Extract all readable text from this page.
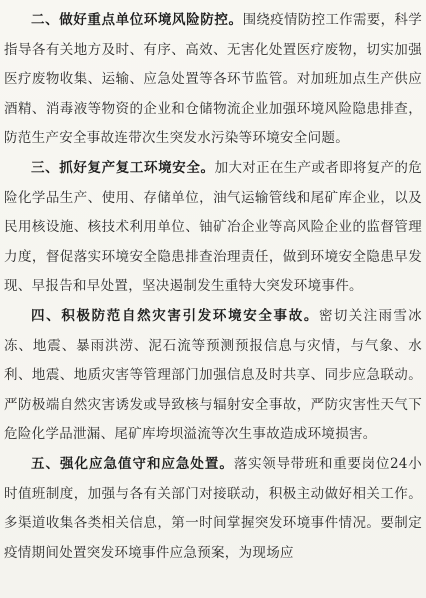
二、做好重点单位环境风险防控。围绕疫情防控工作需要，科学指导各有关地方及时、有序、高效、无害化处置医疗废物，切实加强医疗废物收集、运输、应急处置等各环节监管。对加班加点生产供应酒精、消毒液等物资的企业和仓储物流企业加强环境风险隐患排查，防范生产安全事故连带次生突发水污染等环境安全问题。

三、抓好复产复工环境安全。加大对正在生产或者即将复产的危险化学品生产、使用、存储单位，油气运输管线和尾矿库企业，以及民用核设施、核技术利用单位、铀矿冶企业等高风险企业的监督管理力度，督促落实环境安全隐患排查治理责任，做到环境安全隐患早发现、早报告和早处置，坚决遏制发生重特大突发环境事件。

四、积极防范自然灾害引发环境安全事故。密切关注雨雪冰冻、地震、暴雨洪涝、泥石流等预测预报信息与灾情，与气象、水利、地震、地质灾害等管理部门加强信息及时共享、同步应急联动。严防极端自然灾害诱发或导致核与辐射安全事故，严防灾害性天气下危险化学品泄漏、尾矿库垮坝溢流等次生事故造成环境损害。

五、强化应急值守和应急处置。落实领导带班和重要岗位24小时值班制度，加强与各有关部门对接联动，积极主动做好相关工作。多渠道收集各类相关信息，第一时间掌握突发环境事件情况。要制定疫情期间处置突发环境事件应急预案，为现场应
